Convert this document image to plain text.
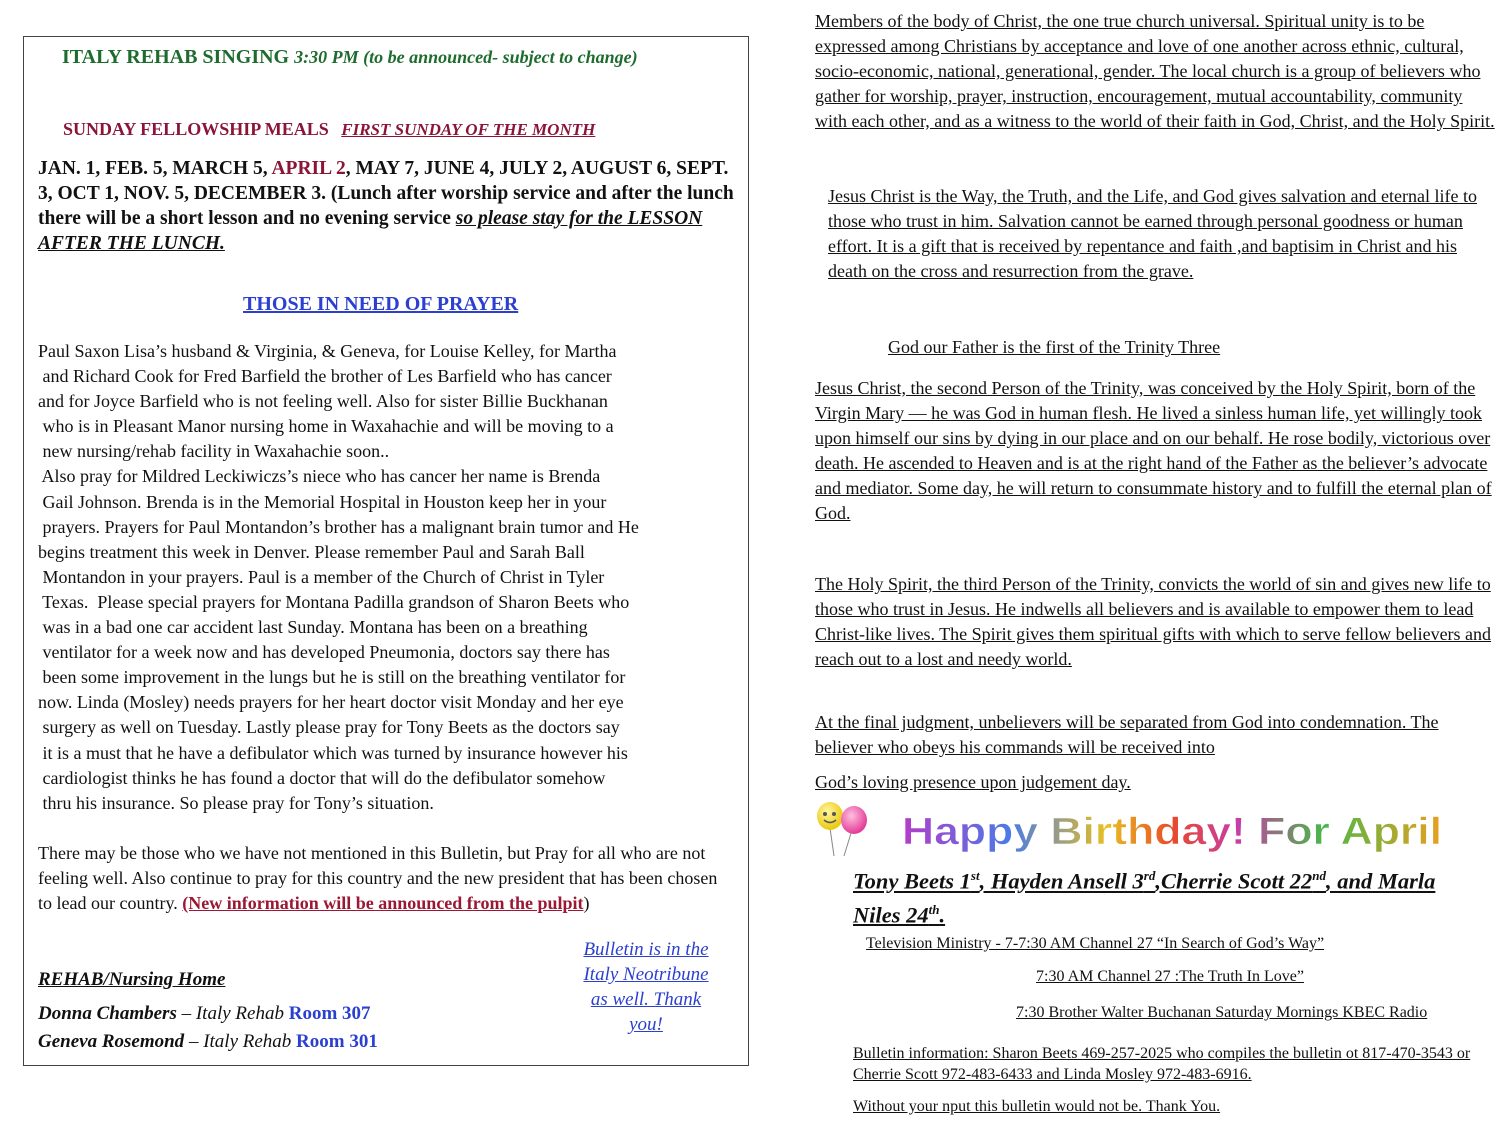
ITALY REHAB SINGING 3:30 PM (to be announced- subject to change)
SUNDAY FELLOWSHIP MEALS FIRST SUNDAY OF THE MONTH
JAN. 1, FEB. 5, MARCH 5, APRIL 2, MAY 7, JUNE 4, JULY 2, AUGUST 6, SEPT. 3, OCT 1, NOV. 5, DECEMBER 3. (Lunch after worship service and after the lunch there will be a short lesson and no evening service so please stay for the LESSON AFTER THE LUNCH.
THOSE IN NEED OF PRAYER
Paul Saxon Lisa’s husband & Virginia, & Geneva, for Louise Kelley, for Martha
and Richard Cook for Fred Barfield the brother of Les Barfield who has cancer
and for Joyce Barfield who is not feeling well. Also for sister Billie Buckhanan
who is in Pleasant Manor nursing home in Waxahachie and will be moving to a
new nursing/rehab facility in Waxahachie soon..
Also pray for Mildred Leckiwiczs’s niece who has cancer her name is Brenda
Gail Johnson. Brenda is in the Memorial Hospital in Houston keep her in your
prayers. Prayers for Paul Montandon’s brother has a malignant brain tumor and He
begins treatment this week in Denver. Please remember Paul and Sarah Ball
Montandon in your prayers. Paul is a member of the Church of Christ in Tyler
Texas.  Please special prayers for Montana Padilla grandson of Sharon Beets who
was in a bad one car accident last Sunday. Montana has been on a breathing
ventilator for a week now and has developed Pneumonia, doctors say there has
been some improvement in the lungs but he is still on the breathing ventilator for
now. Linda (Mosley) needs prayers for her heart doctor visit Monday and her eye
surgery as well on Tuesday. Lastly please pray for Tony Beets as the doctors say
it is a must that he have a defibulator which was turned by insurance however his
cardiologist thinks he has found a doctor that will do the defibulator somehow
thru his insurance. So please pray for Tony’s situation.
There may be those who we have not mentioned in this Bulletin, but Pray for all who are not feeling well. Also continue to pray for this country and the new president that has been chosen to lead our country. (New information will be announced from the pulpit)
REHAB/Nursing Home
Donna Chambers – Italy Rehab Room 307
Geneva Rosemond – Italy Rehab Room 301
Bulletin is in the Italy Neotribune as well. Thank you!
Members of the body of Christ, the one true church universal. Spiritual unity is to be expressed among Christians by acceptance and love of one another across ethnic, cultural, socio-economic, national, generational, gender. The local church is a group of believers who gather for worship, prayer, instruction, encouragement, mutual accountability, community with each other, and as a witness to the world of their faith in God, Christ, and the Holy Spirit.
Jesus Christ is the Way, the Truth, and the Life, and God gives salvation and eternal life to those who trust in him. Salvation cannot be earned through personal goodness or human effort. It is a gift that is received by repentance and faith ,and baptisim in Christ and his death on the cross and resurrection from the grave.
God our Father is the first of the Trinity Three
Jesus Christ, the second Person of the Trinity, was conceived by the Holy Spirit, born of the Virgin Mary — he was God in human flesh. He lived a sinless human life, yet willingly took upon himself our sins by dying in our place and on our behalf. He rose bodily, victorious over death. He ascended to Heaven and is at the right hand of the Father as the believer’s advocate and mediator. Some day, he will return to consummate history and to fulfill the eternal plan of God.
The Holy Spirit, the third Person of the Trinity, convicts the world of sin and gives new life to those who trust in Jesus. He indwells all believers and is available to empower them to lead Christ-like lives. The Spirit gives them spiritual gifts with which to serve fellow believers and reach out to a lost and needy world.
At the final judgment, unbelievers will be separated from God into condemnation. The believer who obeys his commands will be received into
God’s loving presence upon judgement day.
Happy Birthday! For April
Tony Beets 1st, Hayden Ansell 3rd,Cherrie Scott 22nd, and Marla Niles 24th.
Television Ministry - 7-7:30 AM Channel 27 “In Search of God’s Way”
7:30 AM Channel 27 :The Truth In Love”
7:30 Brother Walter Buchanan Saturday Mornings KBEC Radio
Bulletin information: Sharon Beets 469-257-2025 who compiles the bulletin ot 817-470-3543 or Cherrie Scott 972-483-6433 and Linda Mosley 972-483-6916.
Without your nput this bulletin would not be. Thank You.
